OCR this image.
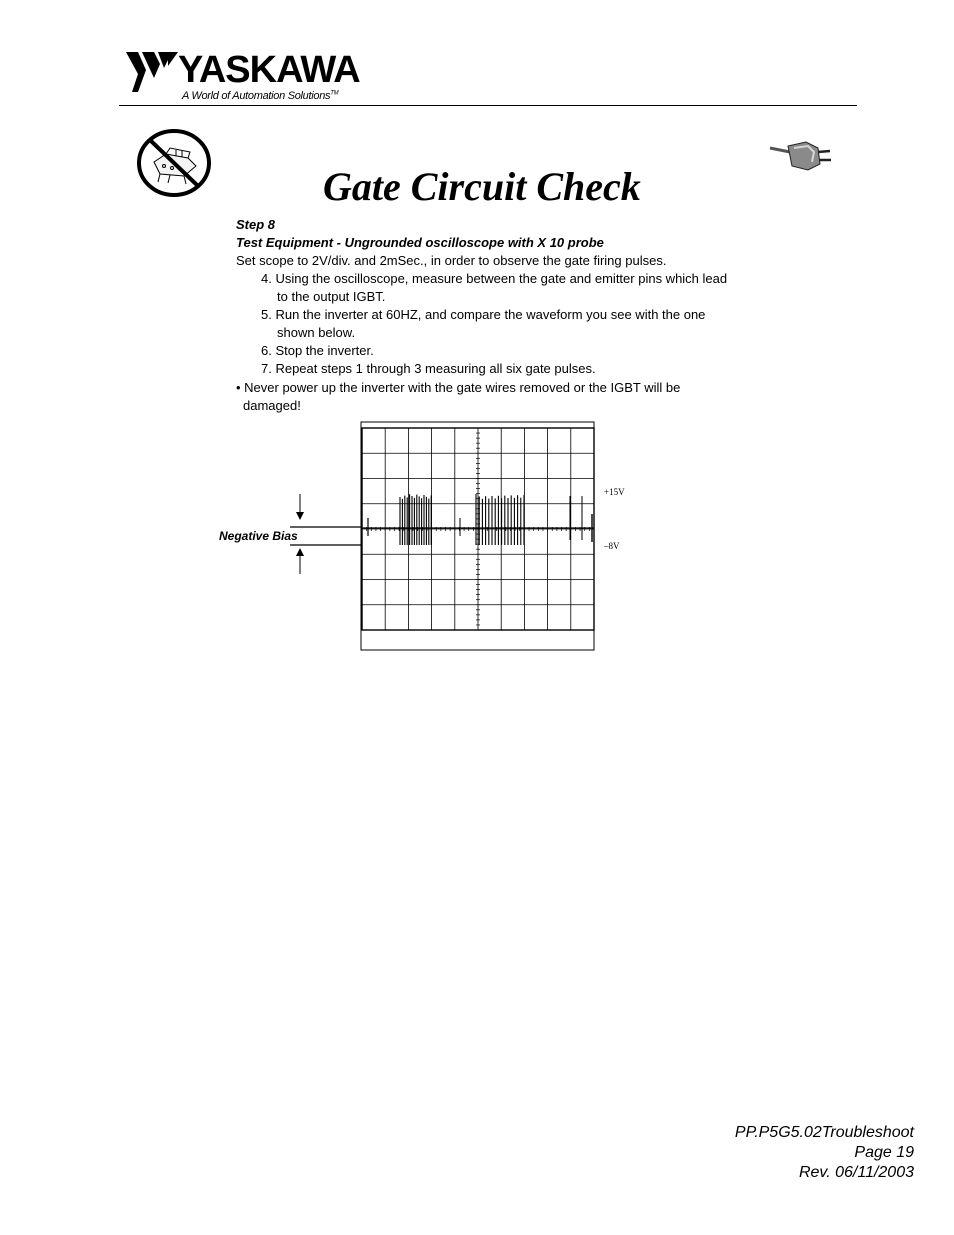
YASKAWA
A World of Automation Solutions™
Gate Circuit Check
Step 8
Test Equipment - Ungrounded oscilloscope with X 10 probe
Set scope to 2V/div. and 2mSec., in order to observe the gate firing pulses.
4. Using the oscilloscope, measure between the gate and emitter pins which lead
to the output IGBT.
5. Run the inverter at 60HZ, and compare the waveform you see with the one
shown below.
6. Stop the inverter.
7. Repeat steps 1 through 3 measuring all six gate pulses.
• Never power up the inverter with the gate wires removed or the IGBT will be
damaged!
Negative Bias
+15V
–8V
PP.P5G5.02Troubleshoot
Page 19
Rev. 06/11/2003
